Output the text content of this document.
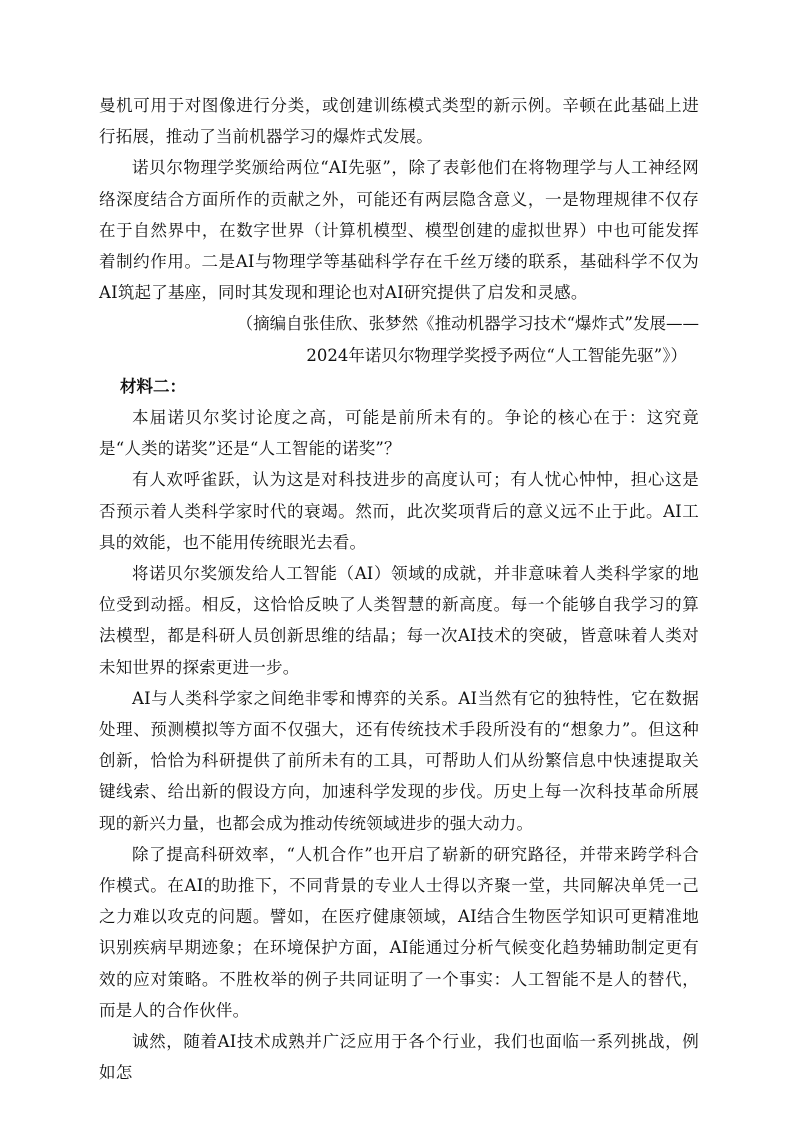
曼机可用于对图像进行分类，或创建训练模式类型的新示例。辛顿在此基础上进行拓展，推动了当前机器学习的爆炸式发展。

诺贝尔物理学奖颁给两位“AI先驱”，除了表彰他们在将物理学与人工神经网络深度结合方面所作的贡献之外，可能还有两层隐含意义，一是物理规律不仅存在于自然界中，在数字世界（计算机模型、模型创建的虚拟世界）中也可能发挥着制约作用。二是AI与物理学等基础科学存在千丝万缕的联系，基础科学不仅为AI筑起了基座，同时其发现和理论也对AI研究提供了启发和灵感。

（摘编自张佳欣、张梦然《推动机器学习技术“爆炸式”发展——

2024年诺贝尔物理学奖授予两位“人工智能先驱”》）

材料二：

本届诺贝尔奖讨论度之高，可能是前所未有的。争论的核心在于：这究竟是“人类的诺奖”还是“人工智能的诺奖”？

有人欢呼雀跃，认为这是对科技进步的高度认可；有人忧心忡忡，担心这是否预示着人类科学家时代的衰竭。然而，此次奖项背后的意义远不止于此。AI工具的效能，也不能用传统眼光去看。

将诺贝尔奖颁发给人工智能（AI）领域的成就，并非意味着人类科学家的地位受到动摇。相反，这恰恰反映了人类智慧的新高度。每一个能够自我学习的算法模型，都是科研人员创新思维的结晶；每一次AI技术的突破，皆意味着人类对未知世界的探索更进一步。

AI与人类科学家之间绝非零和博弈的关系。AI当然有它的独特性，它在数据处理、预测模拟等方面不仅强大，还有传统技术手段所没有的“想象力”。但这种创新，恰恰为科研提供了前所未有的工具，可帮助人们从纷繁信息中快速提取关键线索、给出新的假设方向，加速科学发现的步伐。历史上每一次科技革命所展现的新兴力量，也都会成为推动传统领域进步的强大动力。

除了提高科研效率，“人机合作”也开启了崭新的研究路径，并带来跨学科合作模式。在AI的助推下，不同背景的专业人士得以齐聚一堂，共同解决单凭一己之力难以攻克的问题。譬如，在医疗健康领域，AI结合生物医学知识可更精准地识别疾病早期迹象；在环境保护方面，AI能通过分析气候变化趋势辅助制定更有效的应对策略。不胜枚举的例子共同证明了一个事实：人工智能不是人的替代，而是人的合作伙伴。

诚然，随着AI技术成熟并广泛应用于各个行业，我们也面临一系列挑战，例如怎
